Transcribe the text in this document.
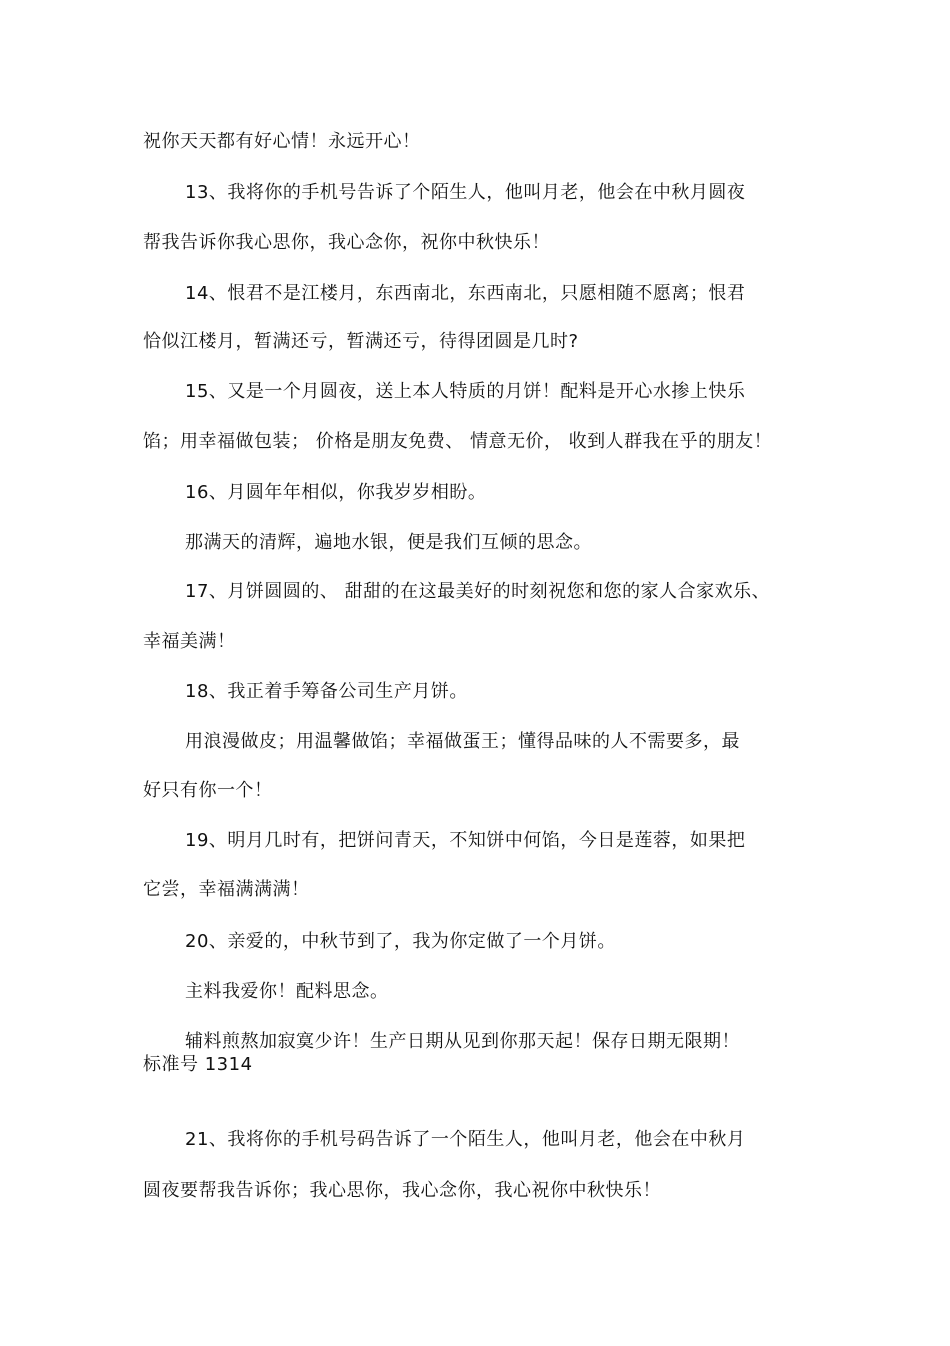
祝你天天都有好心情！永远开心！
13、我将你的手机号告诉了个陌生人，他叫月老，他会在中秋月圆夜
帮我告诉你我心思你，我心念你，祝你中秋快乐！
14、恨君不是江楼月，东西南北，东西南北，只愿相随不愿离；恨君
恰似江楼月，暂满还亏，暂满还亏，待得团圆是几时?
15、又是一个月圆夜，送上本人特质的月饼！配料是开心水掺上快乐
馅；用幸福做包装； 价格是朋友免费、 情意无价， 收到人群我在乎的朋友！
16、月圆年年相似，你我岁岁相盼。
那满天的清辉，遍地水银，便是我们互倾的思念。
17、月饼圆圆的、 甜甜的在这最美好的时刻祝您和您的家人合家欢乐、
幸福美满！
18、我正着手筹备公司生产月饼。
用浪漫做皮；用温馨做馅；幸福做蛋王；懂得品味的人不需要多，最
好只有你一个！
19、明月几时有，把饼问青天，不知饼中何馅，今日是莲蓉，如果把
它尝，幸福满满满！
20、亲爱的，中秋节到了，我为你定做了一个月饼。
主料我爱你！配料思念。
辅料煎熬加寂寞少许！生产日期从见到你那天起！保存日期无限期！
标准号 1314
21、我将你的手机号码告诉了一个陌生人，他叫月老，他会在中秋月
圆夜要帮我告诉你；我心思你，我心念你，我心祝你中秋快乐！
